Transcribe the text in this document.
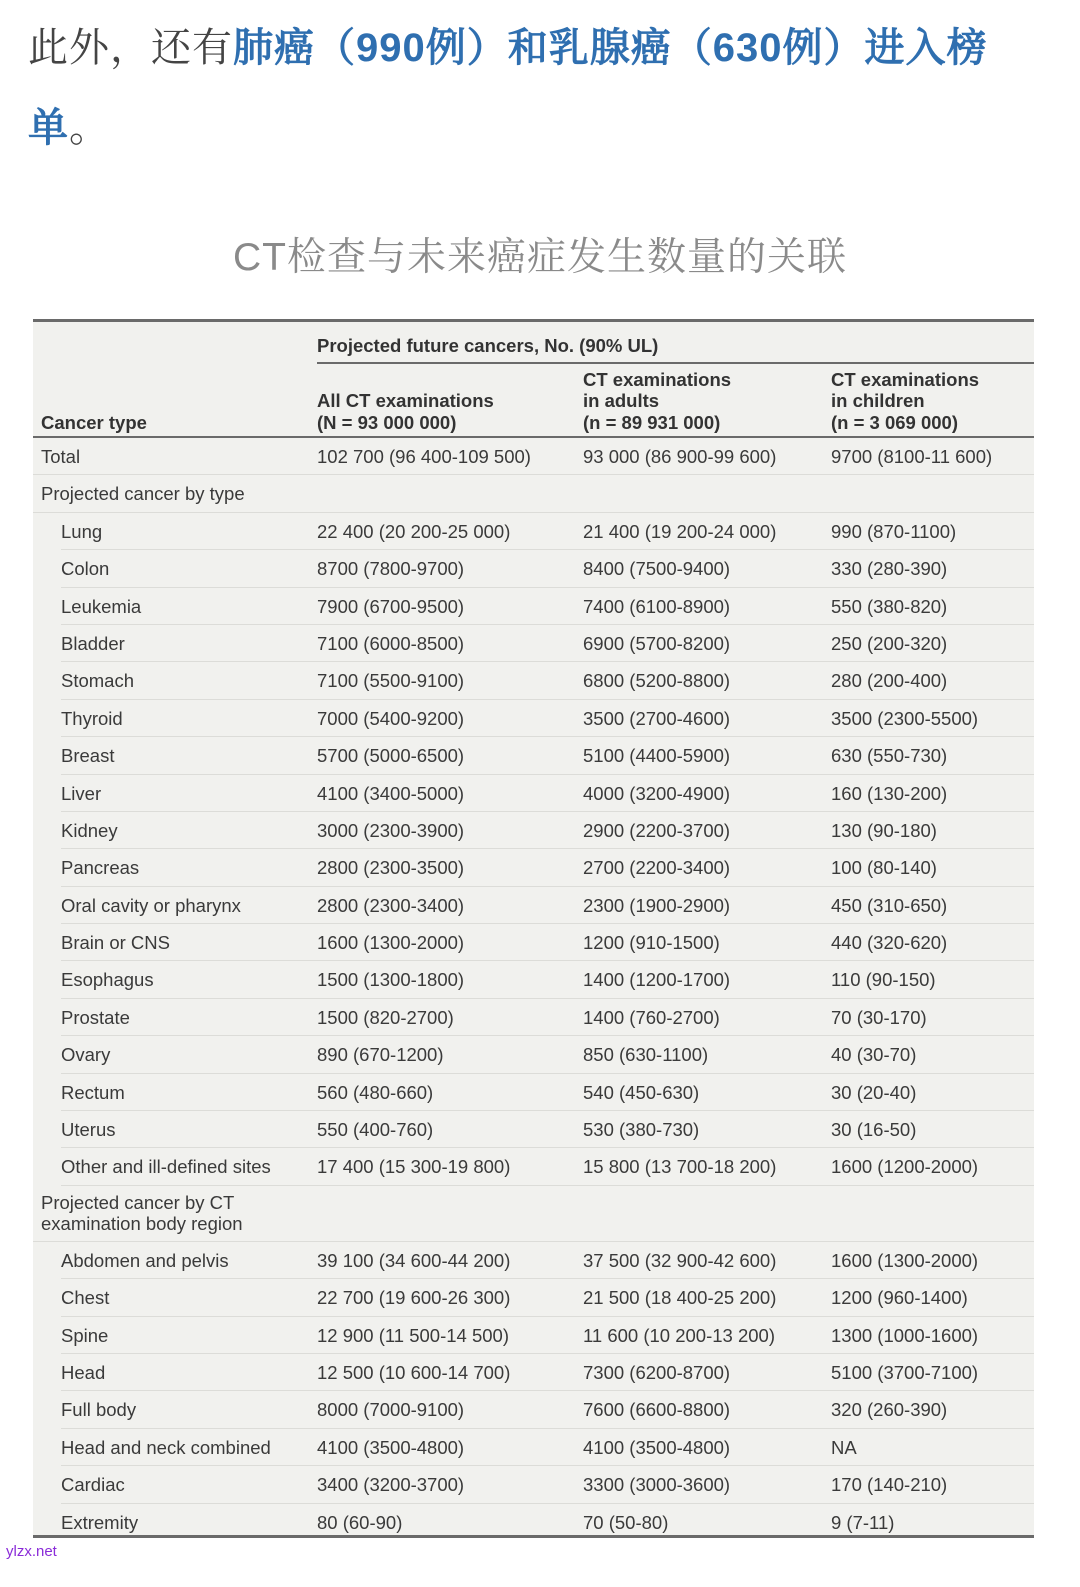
此外，还有肺癌（990例）和乳腺癌（630例）进入榜单。
CT检查与未来癌症发生数量的关联
Projected future cancers, No. (90% UL)
Cancer type
All CT examinations
(N = 93 000 000)
CT examinations
in adults
(n = 89 931 000)
CT examinations
in children
(n = 3 069 000)
Total	102 700 (96 400-109 500)	93 000 (86 900-99 600)	9700 (8100-11 600)
Projected cancer by type
Lung	22 400 (20 200-25 000)	21 400 (19 200-24 000)	990 (870-1100)
Colon	8700 (7800-9700)	8400 (7500-9400)	330 (280-390)
Leukemia	7900 (6700-9500)	7400 (6100-8900)	550 (380-820)
Bladder	7100 (6000-8500)	6900 (5700-8200)	250 (200-320)
Stomach	7100 (5500-9100)	6800 (5200-8800)	280 (200-400)
Thyroid	7000 (5400-9200)	3500 (2700-4600)	3500 (2300-5500)
Breast	5700 (5000-6500)	5100 (4400-5900)	630 (550-730)
Liver	4100 (3400-5000)	4000 (3200-4900)	160 (130-200)
Kidney	3000 (2300-3900)	2900 (2200-3700)	130 (90-180)
Pancreas	2800 (2300-3500)	2700 (2200-3400)	100 (80-140)
Oral cavity or pharynx	2800 (2300-3400)	2300 (1900-2900)	450 (310-650)
Brain or CNS	1600 (1300-2000)	1200 (910-1500)	440 (320-620)
Esophagus	1500 (1300-1800)	1400 (1200-1700)	110 (90-150)
Prostate	1500 (820-2700)	1400 (760-2700)	70 (30-170)
Ovary	890 (670-1200)	850 (630-1100)	40 (30-70)
Rectum	560 (480-660)	540 (450-630)	30 (20-40)
Uterus	550 (400-760)	530 (380-730)	30 (16-50)
Other and ill-defined sites 17 400 (15 300-19 800)	15 800 (13 700-18 200)	1600 (1200-2000)
Projected cancer by CT examination body region
Abdomen and pelvis	39 100 (34 600-44 200)	37 500 (32 900-42 600)	1600 (1300-2000)
Chest	22 700 (19 600-26 300)	21 500 (18 400-25 200)	1200 (960-1400)
Spine	12 900 (11 500-14 500)	11 600 (10 200-13 200)	1300 (1000-1600)
Head	12 500 (10 600-14 700)	7300 (6200-8700)	5100 (3700-7100)
Full body	8000 (7000-9100)	7600 (6600-8800)	320 (260-390)
Head and neck combined 4100 (3500-4800)	4100 (3500-4800)	NA
Cardiac	3400 (3200-3700)	3300 (3000-3600)	170 (140-210)
Extremity	80 (60-90)	70 (50-80)	9 (7-11)
ylzx.net
